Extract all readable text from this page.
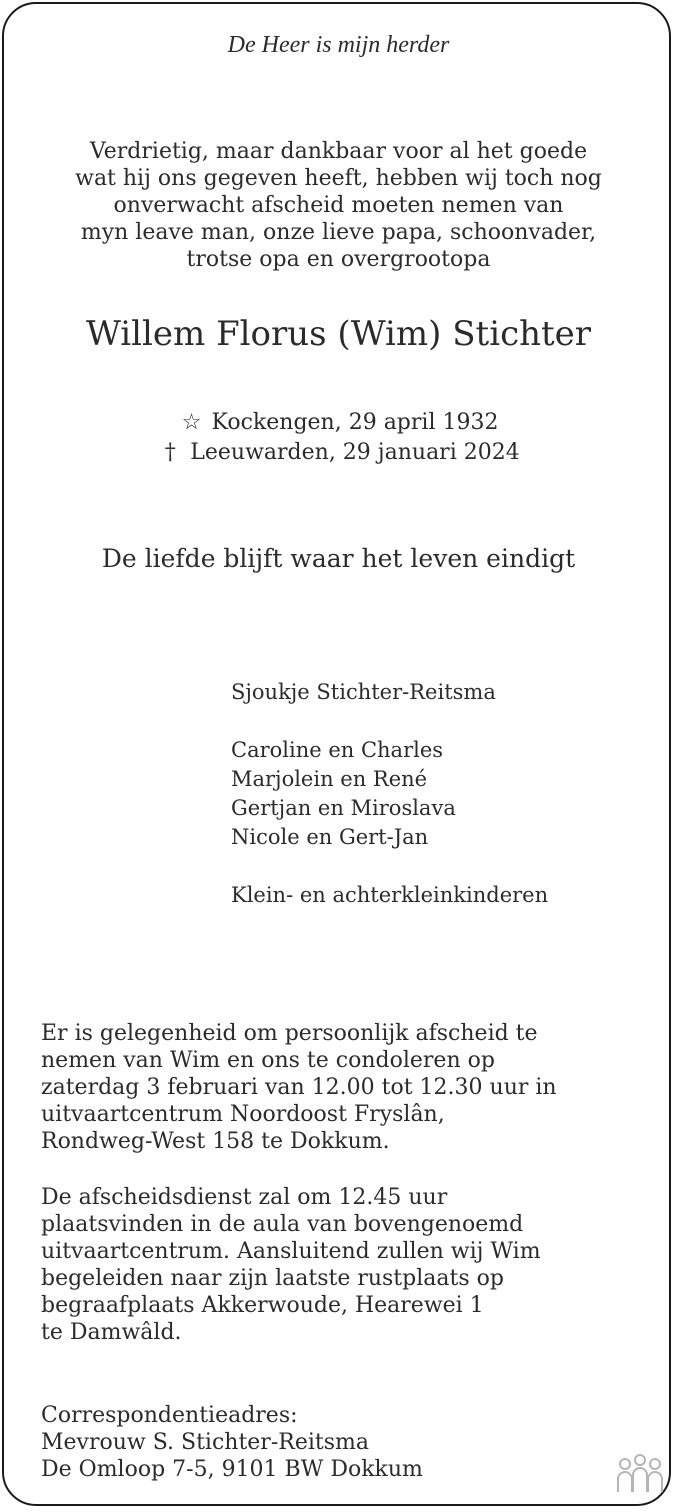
De Heer is mijn herder
Verdrietig, maar dankbaar voor al het goede
wat hij ons gegeven heeft, hebben wij toch nog
onverwacht afscheid moeten nemen van
myn leave man, onze lieve papa, schoonvader,
trotse opa en overgrootopa
Willem Florus (Wim) Stichter
☆ Kockengen, 29 april 1932
† Leeuwarden, 29 januari 2024
De liefde blijft waar het leven eindigt
Sjoukje Stichter-Reitsma
Caroline en Charles
Marjolein en René
Gertjan en Miroslava
Nicole en Gert-Jan
Klein- en achterkleinkinderen
Er is gelegenheid om persoonlijk afscheid te
nemen van Wim en ons te condoleren op
zaterdag 3 februari van 12.00 tot 12.30 uur in
uitvaartcentrum Noordoost Fryslân,
Rondweg-West 158 te Dokkum.
De afscheidsdienst zal om 12.45 uur
plaatsvinden in de aula van bovengenoemd
uitvaartcentrum. Aansluitend zullen wij Wim
begeleiden naar zijn laatste rustplaats op
begraafplaats Akkerwoude, Hearewei 1
te Damwâld.
Correspondentieadres:
Mevrouw S. Stichter-Reitsma
De Omloop 7-5, 9101 BW Dokkum
